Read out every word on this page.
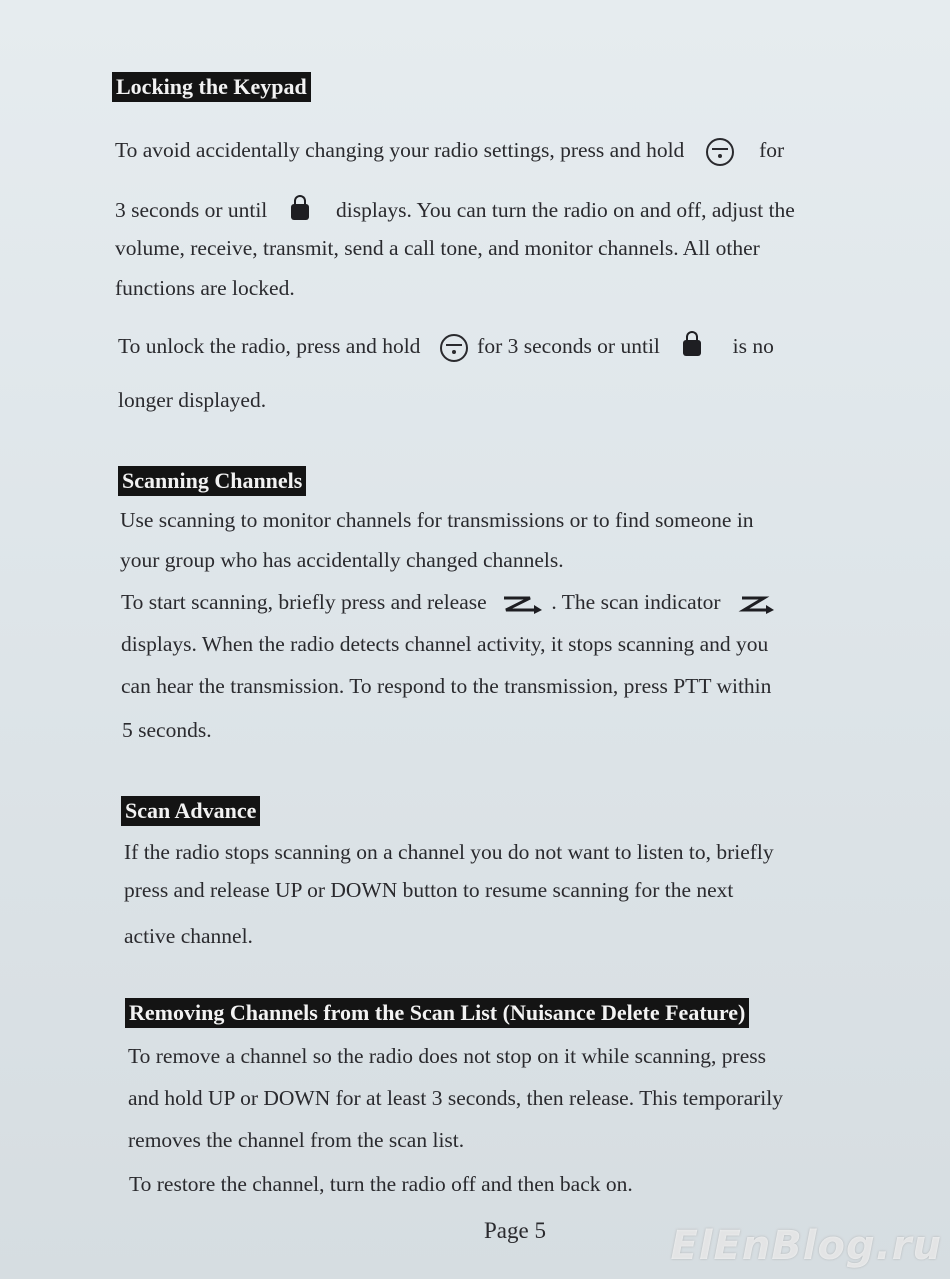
Locking the Keypad
To avoid accidentally changing your radio settings, press and hold	for
3 seconds or until	displays. You can turn the radio on and off, adjust the
volume, receive, transmit, send a call tone, and monitor channels. All other
functions are locked.
To unlock the radio, press and hold	for 3 seconds or until	is no
longer displayed.
Scanning Channels
Use scanning to monitor channels for transmissions or to find someone in
your group who has accidentally changed channels.
To start scanning, briefly press and release	. The scan indicator
displays. When the radio detects channel activity, it stops scanning and you
can hear the transmission. To respond to the transmission, press PTT within
5 seconds.
Scan Advance
If the radio stops scanning on a channel you do not want to listen to, briefly
press and release UP or DOWN button to resume scanning for the next
active channel.
Removing Channels from the Scan List (Nuisance Delete Feature)
To remove a channel so the radio does not stop on it while scanning, press
and hold UP or DOWN for at least 3 seconds, then release. This temporarily
removes the channel from the scan list.
To restore the channel, turn the radio off and then back on.
Page 5	ElEnBlog.ru
